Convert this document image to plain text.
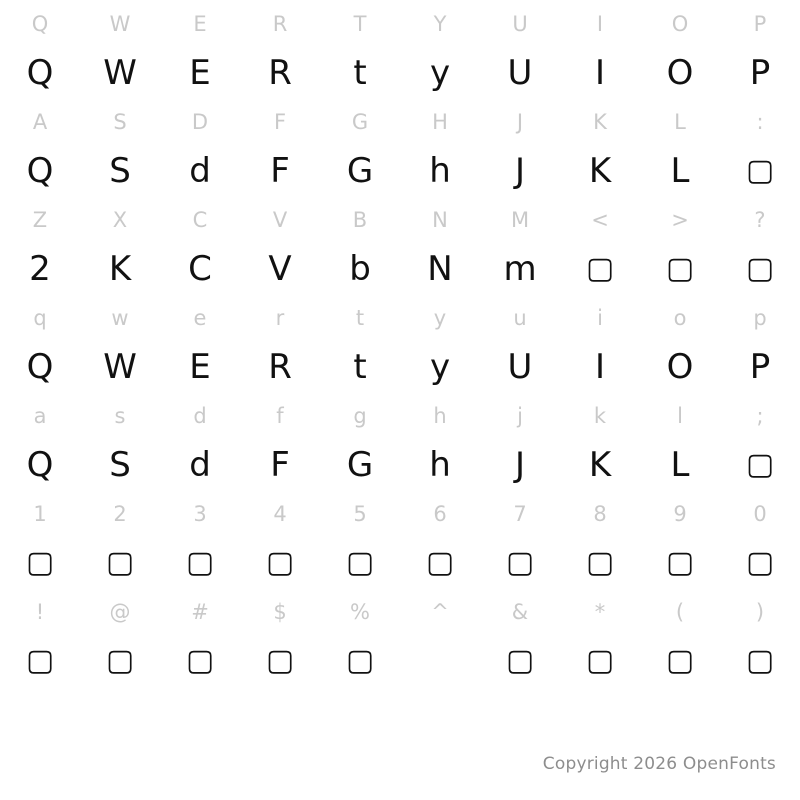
Q
Q
W
W
E
E
R
R
T
t
Y
y
U
U
I
I
O
O
P
P
A
Q
S
S
D
d
F
F
G
G
H
h
J
J
K
K
L
L
:
▢
Z
2
X
K
C
C
V
V
B
b
N
N
M
m
<
▢
>
▢
?
▢
q
Q
w
W
e
E
r
R
t
t
y
y
u
U
i
I
o
O
p
P
a
Q
s
S
d
d
f
F
g
G
h
h
j
J
k
K
l
L
;
▢
1
▢
2
▢
3
▢
4
▢
5
▢
6
▢
7
▢
8
▢
9
▢
0
▢
!
▢
@
▢
#
▢
$
▢
%
▢
^	&
▢
*
▢
(
▢
)
▢
Copyright 2026 OpenFonts
